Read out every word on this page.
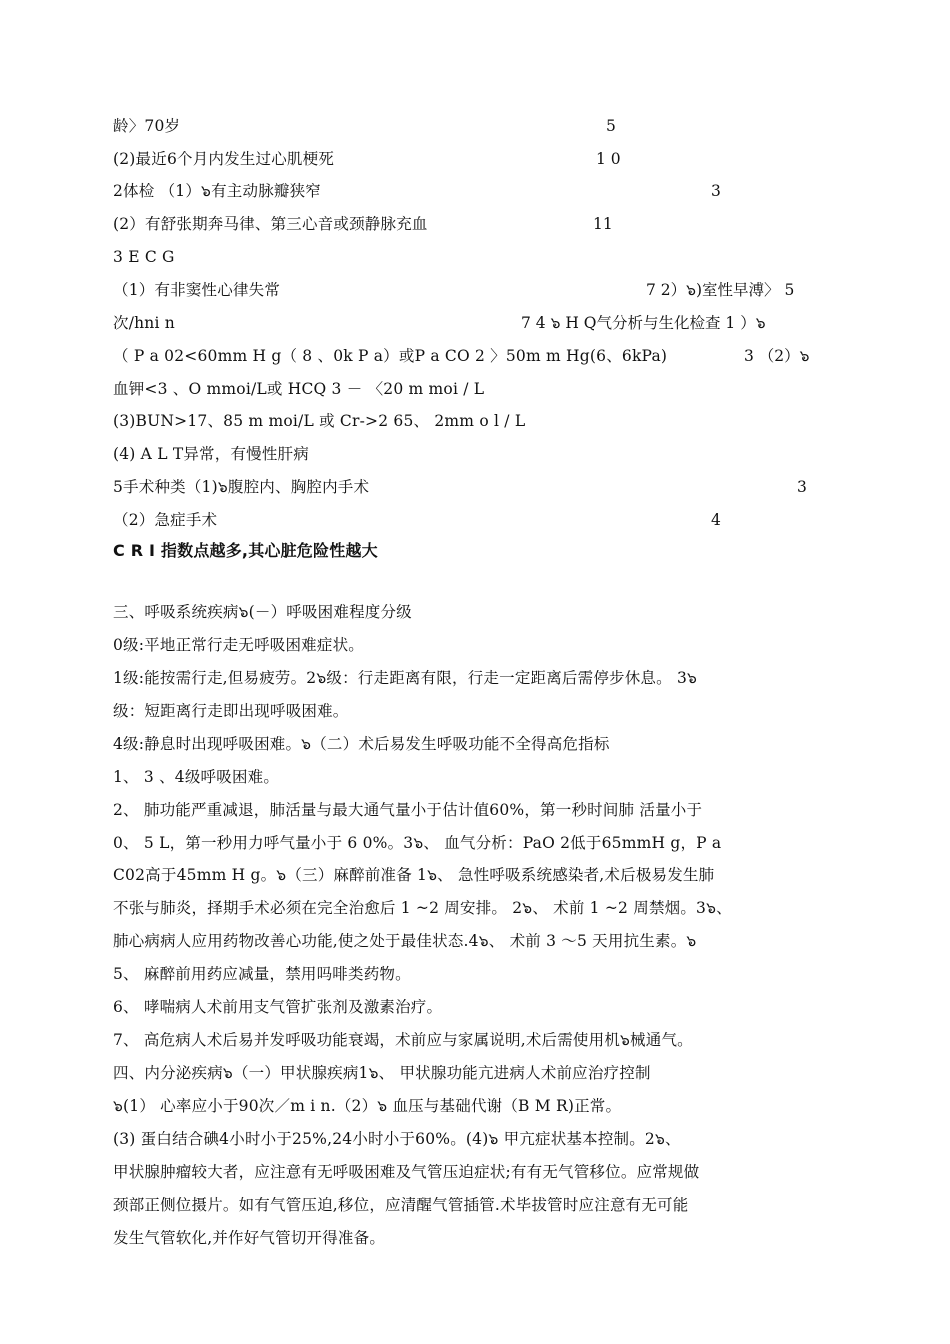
龄〉70岁	5
(2)最近6个月内发生过心肌梗死	1 0
2体检 （1）๖有主动脉瓣狭窄	3
(2）有舒张期奔马律、第三心音或颈静脉充血	11
3 E C G
（1）有非窦性心律失常	7 2）๖)室性早溥〉 5
次/hni n	7 4 ๖ H Q气分析与生化检查 1 ）๖
（ P a 02<60mm H g（ 8 、0k P a）或P a CO 2 〉50m m Hg(6、6kPa)	3 （2）๖
血钾<3 、O mmoi/L或 HCQ 3 － 〈20 m moi / L
(3)BUN>17、85 m moi/L 或 Cr->2 65、 2mm o l / L
(4) A L T异常，有慢性肝病
5手术种类（1)๖腹腔内、胸腔内手术	3
（2）急症手术	4
C R I 指数点越多,其心脏危险性越大
三、呼吸系统疾病๖(－）呼吸困难程度分级
0级:平地正常行走无呼吸困难症状。
1级:能按需行走,但易疲劳。2๖级：行走距离有限，行走一定距离后需停步休息。 3๖
级：短距离行走即出现呼吸困难。
4级:静息时出现呼吸困难。๖（二）术后易发生呼吸功能不全得高危指标
1、 3 、4级呼吸困难。
2、 肺功能严重减退，肺活量与最大通气量小于估计值60%，第一秒时间肺 活量小于
0、 5 L，第一秒用力呼气量小于 6 0%。3๖、 血气分析：PaO 2低于65mmH g，P a
C02高于45mm H g。๖（三）麻醉前准备 1๖、 急性呼吸系统感染者,术后极易发生肺
不张与肺炎，择期手术必须在完全治愈后 1 ~2 周安排。 2๖、 术前 1 ~2 周禁烟。3๖、
肺心病病人应用药物改善心功能,使之处于最佳状态.4๖、 术前 3 ～5 天用抗生素。๖
5、 麻醉前用药应减量，禁用吗啡类药物。
6、 哮喘病人术前用支气管扩张剂及激素治疗。
7、 高危病人术后易并发呼吸功能衰竭，术前应与家属说明,术后需使用机๖械通气。
四、内分泌疾病๖（一）甲状腺疾病1๖、 甲状腺功能亢进病人术前应治疗控制
๖(1） 心率应小于90次／m i n.（2）๖ 血压与基础代谢（B M R)正常。
(3) 蛋白结合碘4小时小于25%,24小时小于60%。(4)๖ 甲亢症状基本控制。2๖、
甲状腺肿瘤较大者，应注意有无呼吸困难及气管压迫症状;有有无气管移位。应常规做
颈部正侧位摄片。如有气管压迫,移位，应清醒气管插管.术毕拔管时应注意有无可能
发生气管软化,并作好气管切开得准备。
